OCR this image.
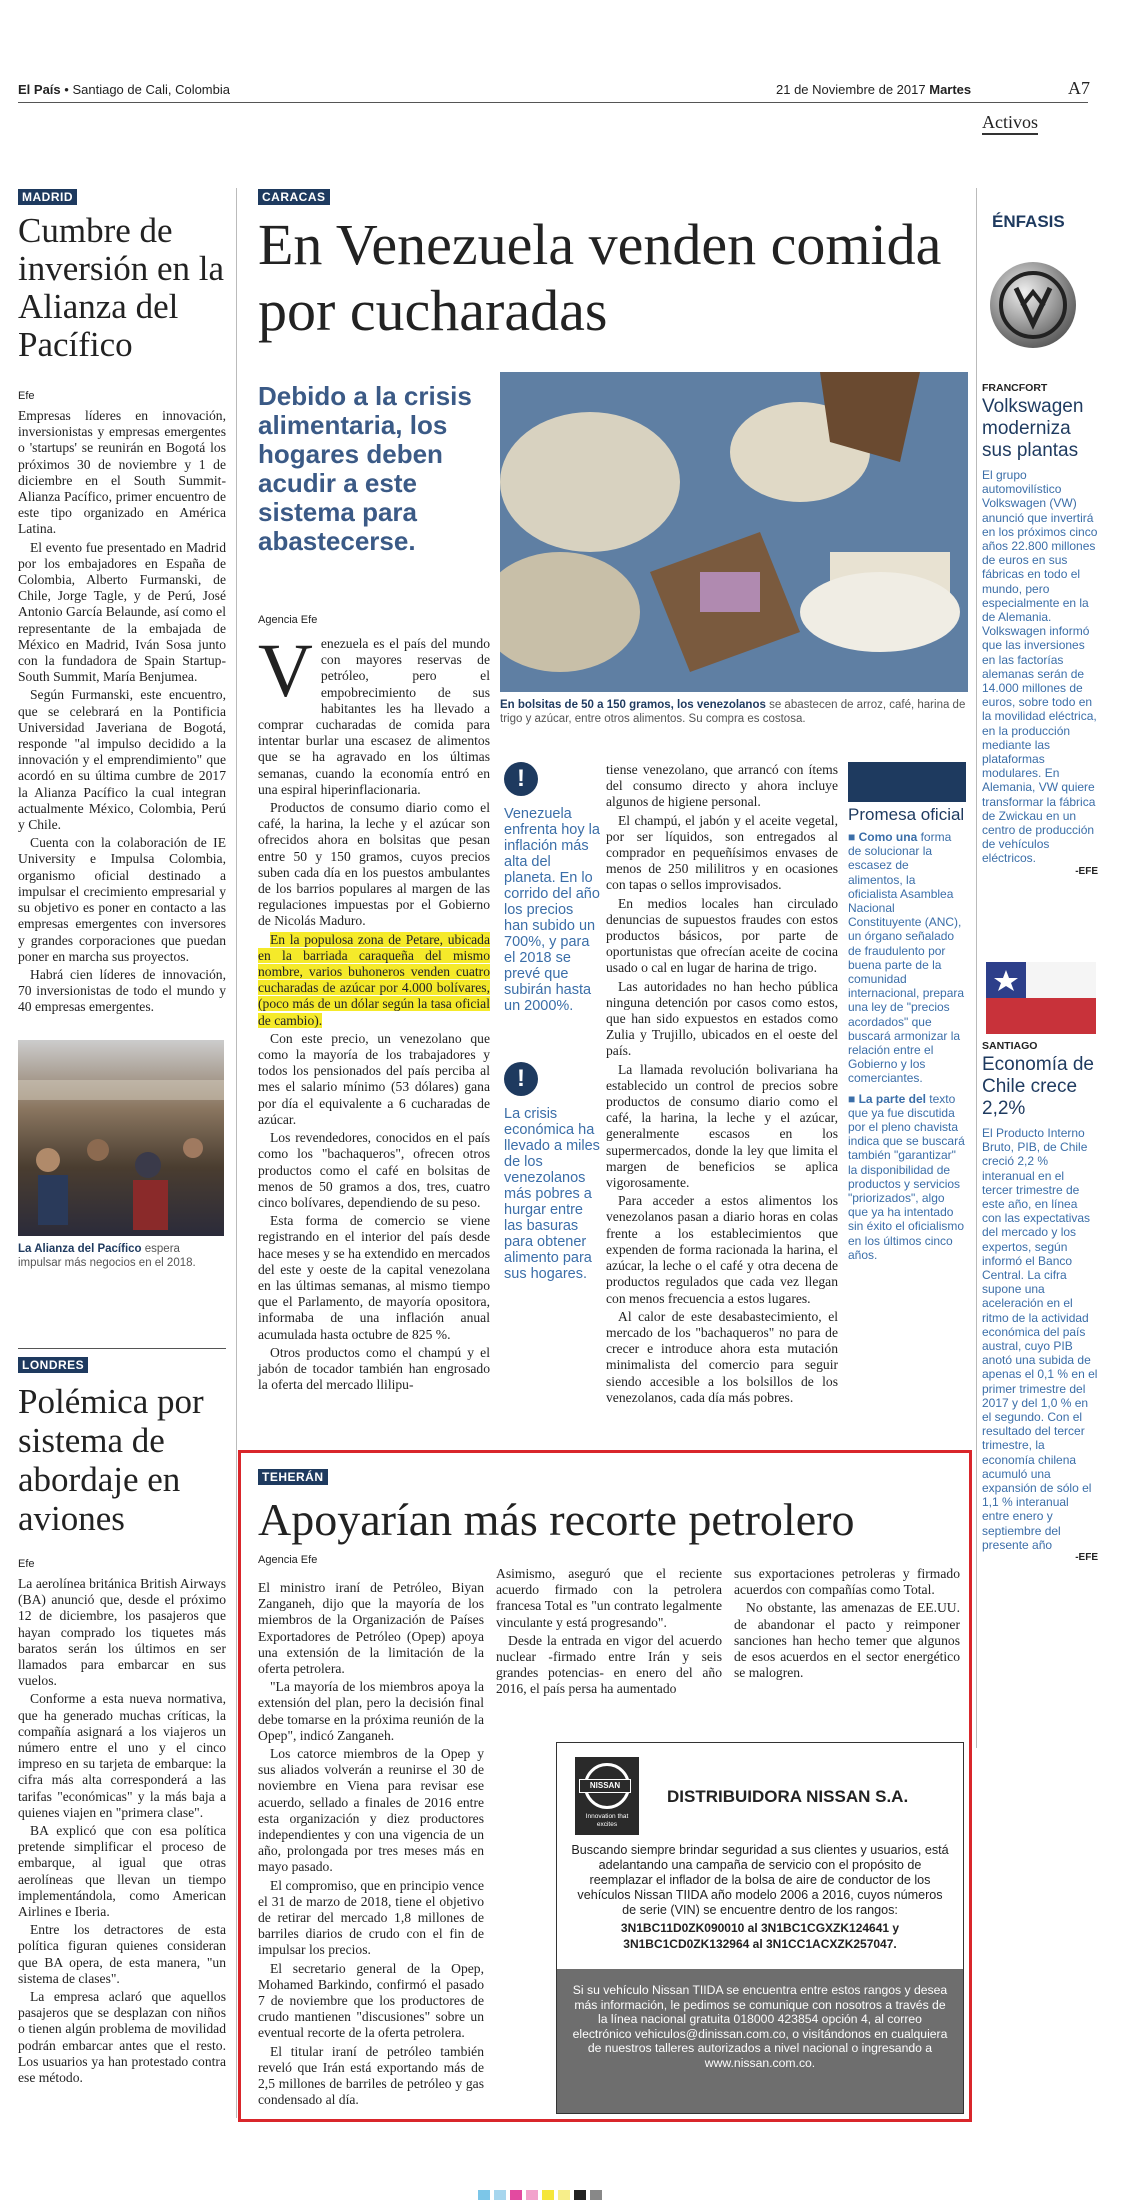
El País • Santiago de Cali, Colombia	21 de Noviembre de 2017 Martes	A7
Activos
MADRID
Cumbre de inversión en la Alianza del Pacífico
Efe

Empresas líderes en innovación, inversionistas y empresas emergentes o 'startups' se reunirán en Bogotá los próximos 30 de noviembre y 1 de diciembre en el South Summit-Alianza Pacífico, primer encuentro de este tipo organizado en América Latina.

El evento fue presentado en Madrid por los embajadores en España de Colombia, Alberto Furmanski, de Chile, Jorge Tagle, y de Perú, José Antonio García Belaunde, así como el representante de la embajada de México en Madrid, Iván Sosa junto con la fundadora de Spain Startup-South Summit, María Benjumea.

Según Furmanski, este encuentro, que se celebrará en la Pontificia Universidad Javeriana de Bogotá, responde "al impulso decidido a la innovación y el emprendimiento" que acordó en su última cumbre de 2017 la Alianza Pacífico la cual integran actualmente México, Colombia, Perú y Chile.

Cuenta con la colaboración de IE University e Impulsa Colombia, organismo oficial destinado a impulsar el crecimiento empresarial y su objetivo es poner en contacto a las empresas emergentes con inversores y grandes corporaciones que puedan poner en marcha sus proyectos.

Habrá cien líderes de innovación, 70 inversionistas de todo el mundo y 40 empresas emergentes.

La Alianza del Pacífico espera impulsar más negocios en el 2018.
LONDRES
Polémica por sistema de abordaje en aviones
Efe

La aerolínea británica British Airways (BA) anunció que, desde el próximo 12 de diciembre, los pasajeros que hayan comprado los tiquetes más baratos serán los últimos en ser llamados para embarcar en sus vuelos.

Conforme a esta nueva normativa, que ha generado muchas críticas, la compañía asignará a los viajeros un número entre el uno y el cinco impreso en su tarjeta de embarque: la cifra más alta corresponderá a las tarifas "económicas" y la más baja a quienes viajen en "primera clase".

BA explicó que con esa política pretende simplificar el proceso de embarque, al igual que otras aerolíneas que llevan un tiempo implementándola, como American Airlines e Iberia.

Entre los detractores de esta política figuran quienes consideran que BA opera, de esta manera, "un sistema de clases".

La empresa aclaró que aquellos pasajeros que se desplazan con niños o tienen algún problema de movilidad podrán embarcar antes que el resto. Los usuarios ya han protestado contra ese método.

CARACAS
En Venezuela venden comida por cucharadas
Debido a la crisis alimentaria, los hogares deben acudir a este sistema para abastecerse.
En bolsitas de 50 a 150 gramos, los venezolanos se abastecen de arroz, café, harina de trigo y azúcar, entre otros alimentos. Su compra es costosa.
Agencia Efe
V enezuela es el país del mundo con mayores reservas de petróleo, pero el empobrecimiento de sus habitantes les ha llevado a comprar cucharadas de comida para intentar burlar una escasez de alimentos que se ha agravado en los últimas semanas, cuando la economía entró en una espiral hiperinflacionaria.

Productos de consumo diario como el café, la harina, la leche y el azúcar son ofrecidos ahora en bolsitas que pesan entre 50 y 150 gramos, cuyos precios suben cada día en los puestos ambulantes de los barrios populares al margen de las regulaciones impuestas por el Gobierno de Nicolás Maduro.

En la populosa zona de Petare, ubicada en la barriada caraqueña del mismo nombre, varios buhoneros venden cuatro cucharadas de azúcar por 4.000 bolívares, (poco más de un dólar según la tasa oficial de cambio).

Con este precio, un venezolano que como la mayoría de los trabajadores y todos los pensionados del país perciba al mes el salario mínimo (53 dólares) gana por día el equivalente a 6 cucharadas de azúcar.

Los revendedores, conocidos en el país como los "bachaqueros", ofrecen otros productos como el café en bolsitas de menos de 50 gramos a dos, tres, cuatro cinco bolívares, dependiendo de su peso.

Esta forma de comercio se viene registrando en el interior del país desde hace meses y se ha extendido en mercados del este y oeste de la capital venezolana en las últimas semanas, al mismo tiempo que el Parlamento, de mayoría opositora, informaba de una inflación anual acumulada hasta octubre de 825 %.

Otros productos como el champú y el jabón de tocador también han engrosado la oferta del mercado llilipu-

!
Venezuela enfrenta hoy la inflación más alta del planeta. En lo corrido del año los precios han subido un 700%, y para el 2018 se prevé que subirán hasta un 2000%.
!
La crisis económica ha llevado a miles de los venezolanos más pobres a hurgar entre las basuras para obtener alimento para sus hogares.

tiense venezolano, que arrancó con ítems del consumo directo y ahora incluye algunos de higiene personal.

El champú, el jabón y el aceite vegetal, por ser líquidos, son entregados al comprador en pequeñísimos envases de menos de 250 mililitros y en ocasiones con tapas o sellos improvisados.

En medios locales han circulado denuncias de supuestos fraudes con estos productos básicos, por parte de oportunistas que ofrecían aceite de cocina usado o cal en lugar de harina de trigo.

Las autoridades no han hecho pública ninguna detención por casos como estos, que han sido expuestos en estados como Zulia y Trujillo, ubicados en el oeste del país.

La llamada revolución bolivariana ha establecido un control de precios sobre productos de consumo diario como el café, la harina, la leche y el azúcar, generalmente escasos en los supermercados, donde la ley que limita el margen de beneficios se aplica vigorosamente.

Para acceder a estos alimentos los venezolanos pasan a diario horas en colas frente a los establecimientos que expenden de forma racionada la harina, el azúcar, la leche o el café y otra decena de productos regulados que cada vez llegan con menos frecuencia a estos lugares.

Al calor de este desabastecimiento, el mercado de los "bachaqueros" no para de crecer e introduce ahora esta mutación minimalista del comercio para seguir siendo accesible a los bolsillos de los venezolanos, cada día más pobres.

Promesa oficial
■ Como una forma de solucionar la escasez de alimentos, la oficialista Asamblea Nacional Constituyente (ANC), un órgano señalado de fraudulento por buena parte de la comunidad internacional, prepara una ley de "precios acordados" que buscará armonizar la relación entre el Gobierno y los comerciantes.
■ La parte del texto que ya fue discutida por el pleno chavista indica que se buscará también "garantizar" la disponibilidad de productos y servicios "priorizados", algo que ya ha intentado sin éxito el oficialismo en los últimos cinco años.
ÉNFASIS
FRANCFORT
Volkswagen moderniza sus plantas
El grupo automovilístico Volkswagen (VW) anunció que invertirá en los próximos cinco años 22.800 millones de euros en sus fábricas en todo el mundo, pero especialmente en la de Alemania. Volkswagen informó que las inversiones en las factorías alemanas serán de 14.000 millones de euros, sobre todo en la movilidad eléctrica, en la producción mediante las plataformas modulares. En Alemania, VW quiere transformar la fábrica de Zwickau en un centro de producción de vehículos eléctricos.
-EFE
SANTIAGO
Economía de Chile crece 2,2%
El Producto Interno Bruto, PIB, de Chile creció 2,2 % interanual en el tercer trimestre de este año, en línea con las expectativas del mercado y los expertos, según informó el Banco Central. La cifra supone una aceleración en el ritmo de la actividad económica del país austral, cuyo PIB anotó una subida de apenas el 0,1 % en el primer trimestre del 2017 y del 1,0 % en el segundo. Con el resultado del tercer trimestre, la economía chilena acumuló una expansión de sólo el 1,1 % interanual entre enero y septiembre del presente año
-EFE
TEHERÁN
Apoyarían más recorte petrolero
Agencia Efe

El ministro iraní de Petróleo, Biyan Zanganeh, dijo que la mayoría de los miembros de la Organización de Países Exportadores de Petróleo (Opep) apoya una extensión de la limitación de la oferta petrolera.

"La mayoría de los miembros apoya la extensión del plan, pero la decisión final debe tomarse en la próxima reunión de la Opep", indicó Zanganeh.

Los catorce miembros de la Opep y sus aliados volverán a reunirse el 30 de noviembre en Viena para revisar ese acuerdo, sellado a finales de 2016 entre esta organización y diez productores independientes y con una vigencia de un año, prolongada por tres meses más en mayo pasado.

El compromiso, que en principio vence el 31 de marzo de 2018, tiene el objetivo de retirar del mercado 1,8 millones de barriles diarios de crudo con el fin de impulsar los precios.

El secretario general de la Opep, Mohamed Barkindo, confirmó el pasado 7 de noviembre que los productores de crudo mantienen "discusiones" sobre un eventual recorte de la oferta petrolera.

El titular iraní de petróleo también reveló que Irán está exportando más de 2,5 millones de barriles de petróleo y gas condensado al día.

Asimismo, aseguró que el reciente acuerdo firmado con la petrolera francesa Total es "un contrato legalmente vinculante y está progresando".

Desde la entrada en vigor del acuerdo nuclear -firmado entre Irán y seis grandes potencias- en enero del año 2016, el país persa ha aumentado

sus exportaciones petroleras y firmado acuerdos con compañías como Total.

No obstante, las amenazas de EE.UU. de abandonar el pacto y reimponer sanciones han hecho temer que algunos de esos acuerdos en el sector energético se malogren.

NISSAN
Innovation that excites
DISTRIBUIDORA NISSAN S.A.
Buscando siempre brindar seguridad a sus clientes y usuarios, está adelantando una campaña de servicio con el propósito de reemplazar el inflador de la bolsa de aire de conductor de los vehículos Nissan TIIDA año modelo 2006 a 2016, cuyos números de serie (VIN) se encuentre dentro de los rangos:
3N1BC11D0ZK090010 al 3N1BC1CGXZK124641 y
3N1BC1CD0ZK132964 al 3N1CC1ACXZK257047.
Si su vehículo Nissan TIIDA se encuentra entre estos rangos y desea más información, le pedimos se comunique con nosotros a través de la línea nacional gratuita 018000 423854 opción 4, al correo electrónico vehiculos@dinissan.com.co, o visítándonos en cualquiera de nuestros talleres autorizados a nivel nacional o ingresando a www.nissan.com.co.
